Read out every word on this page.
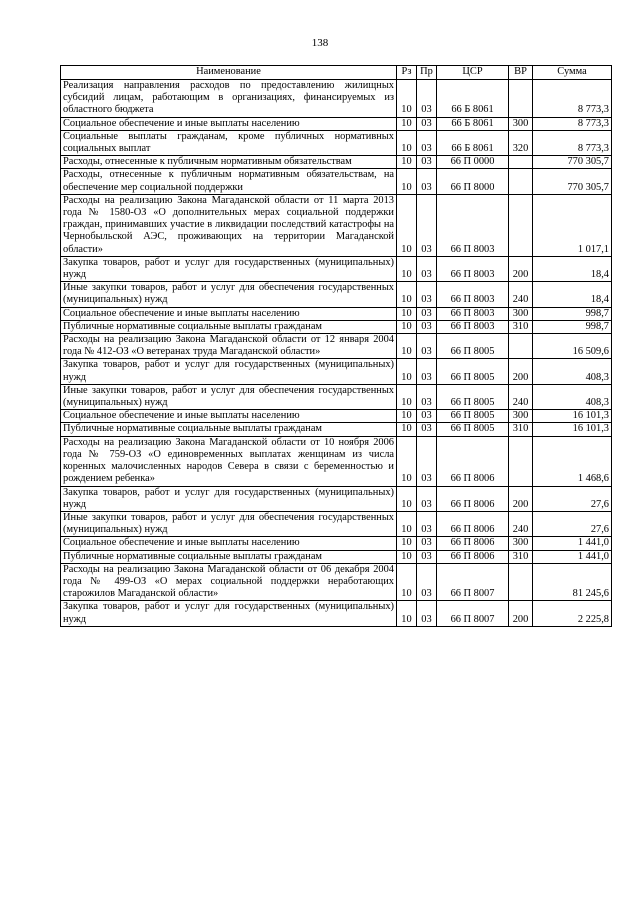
138
Наименование	Рз	Пр	ЦСР	ВР	Сумма
Реализация направления расходов по предоставлению жилищных субсидий лицам, работающим в организациях, финансируемых из областного бюджета	10	03	66 Б 8061		8 773,3
Социальное обеспечение и иные выплаты населению	10	03	66 Б 8061	300	8 773,3
Социальные выплаты гражданам, кроме публичных нормативных социальных выплат	10	03	66 Б 8061	320	8 773,3
Расходы, отнесенные к публичным нормативным обязательствам	10	03	66 П 0000		770 305,7
Расходы, отнесенные к публичным нормативным обязательствам, на обеспечение мер социальной поддержки	10	03	66 П 8000		770 305,7
Расходы на реализацию Закона Магаданской области от 11 марта 2013 года № 1580-ОЗ «О дополнительных мерах социальной поддержки граждан, принимавших участие в ликвидации последствий катастрофы на Чернобыльской АЭС, проживающих на территории Магаданской области»	10	03	66 П 8003		1 017,1
Закупка товаров, работ и услуг для государственных (муниципальных) нужд	10	03	66 П 8003	200	18,4
Иные закупки товаров, работ и услуг для обеспечения государственных (муниципальных) нужд	10	03	66 П 8003	240	18,4
Социальное обеспечение и иные выплаты населению	10	03	66 П 8003	300	998,7
Публичные нормативные социальные выплаты гражданам	10	03	66 П 8003	310	998,7
Расходы на реализацию Закона Магаданской области от 12 января 2004 года № 412-ОЗ «О ветеранах труда Магаданской области»	10	03	66 П 8005		16 509,6
Закупка товаров, работ и услуг для государственных (муниципальных) нужд	10	03	66 П 8005	200	408,3
Иные закупки товаров, работ и услуг для обеспечения государственных (муниципальных) нужд	10	03	66 П 8005	240	408,3
Социальное обеспечение и иные выплаты населению	10	03	66 П 8005	300	16 101,3
Публичные нормативные социальные выплаты гражданам	10	03	66 П 8005	310	16 101,3
Расходы на реализацию Закона Магаданской области от 10 ноября 2006 года № 759-ОЗ «О единовременных выплатах женщинам из числа коренных малочисленных народов Севера в связи с беременностью и рождением ребенка»	10	03	66 П 8006		1 468,6
Закупка товаров, работ и услуг для государственных (муниципальных) нужд	10	03	66 П 8006	200	27,6
Иные закупки товаров, работ и услуг для обеспечения государственных (муниципальных) нужд	10	03	66 П 8006	240	27,6
Социальное обеспечение и иные выплаты населению	10	03	66 П 8006	300	1 441,0
Публичные нормативные социальные выплаты гражданам	10	03	66 П 8006	310	1 441,0
Расходы на реализацию Закона Магаданской области от 06 декабря 2004 года № 499-ОЗ «О мерах социальной поддержки неработающих старожилов Магаданской области»	10	03	66 П 8007		81 245,6
Закупка товаров, работ и услуг для государственных (муниципальных) нужд	10	03	66 П 8007	200	2 225,8
